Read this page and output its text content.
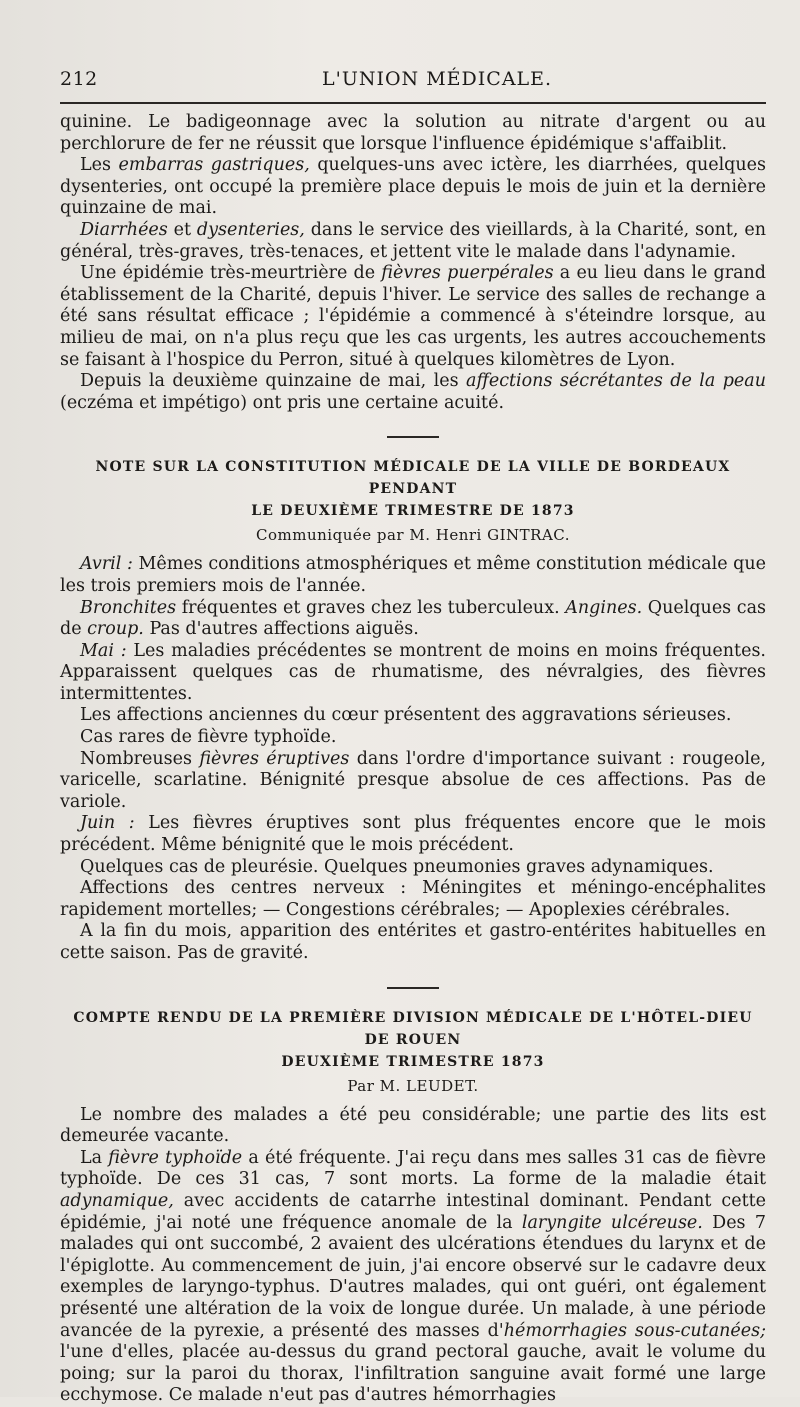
212	L'UNION MÉDICALE.

quinine. Le badigeonnage avec la solution au nitrate d'argent ou au perchlorure de fer ne réussit que lorsque l'influence épidémique s'affaiblit.

Les embarras gastriques, quelques-uns avec ictère, les diarrhées, quelques dysenteries, ont occupé la première place depuis le mois de juin et la dernière quinzaine de mai.

Diarrhées et dysenteries, dans le service des vieillards, à la Charité, sont, en général, très-graves, très-tenaces, et jettent vite le malade dans l'adynamie.

Une épidémie très-meurtrière de fièvres puerpérales a eu lieu dans le grand établissement de la Charité, depuis l'hiver. Le service des salles de rechange a été sans résultat efficace ; l'épidémie a commencé à s'éteindre lorsque, au milieu de mai, on n'a plus reçu que les cas urgents, les autres accouchements se faisant à l'hospice du Perron, situé à quelques kilomètres de Lyon.

Depuis la deuxième quinzaine de mai, les affections sécrétantes de la peau (eczéma et impétigo) ont pris une certaine acuité.

NOTE SUR LA CONSTITUTION MÉDICALE DE LA VILLE DE BORDEAUX PENDANT
LE DEUXIÈME TRIMESTRE DE 1873

Communiquée par M. Henri GINTRAC.

Avril : Mêmes conditions atmosphériques et même constitution médicale que les trois premiers mois de l'année.

Bronchites fréquentes et graves chez les tuberculeux. Angines. Quelques cas de croup. Pas d'autres affections aiguës.

Mai : Les maladies précédentes se montrent de moins en moins fréquentes. Apparaissent quelques cas de rhumatisme, des névralgies, des fièvres intermittentes.

Les affections anciennes du cœur présentent des aggravations sérieuses.

Cas rares de fièvre typhoïde.

Nombreuses fièvres éruptives dans l'ordre d'importance suivant : rougeole, varicelle, scarlatine. Bénignité presque absolue de ces affections. Pas de variole.

Juin : Les fièvres éruptives sont plus fréquentes encore que le mois précédent. Même bénignité que le mois précédent.

Quelques cas de pleurésie. Quelques pneumonies graves adynamiques.

Affections des centres nerveux : Méningites et méningo-encéphalites rapidement mortelles; — Congestions cérébrales; — Apoplexies cérébrales.

A la fin du mois, apparition des entérites et gastro-entérites habituelles en cette saison. Pas de gravité.

COMPTE RENDU DE LA PREMIÈRE DIVISION MÉDICALE DE L'HÔTEL-DIEU DE ROUEN
DEUXIÈME TRIMESTRE 1873

Par M. LEUDET.

Le nombre des malades a été peu considérable; une partie des lits est demeurée vacante.

La fièvre typhoïde a été fréquente. J'ai reçu dans mes salles 31 cas de fièvre typhoïde. De ces 31 cas, 7 sont morts. La forme de la maladie était adynamique, avec accidents de catarrhe intestinal dominant. Pendant cette épidémie, j'ai noté une fréquence anomale de la laryngite ulcéreuse. Des 7 malades qui ont succombé, 2 avaient des ulcérations étendues du larynx et de l'épiglotte. Au commencement de juin, j'ai encore observé sur le cadavre deux exemples de laryngo-typhus. D'autres malades, qui ont guéri, ont également présenté une altération de la voix de longue durée. Un malade, à une période avancée de la pyrexie, a présenté des masses d'hémorrhagies sous-cutanées; l'une d'elles, placée au-dessus du grand pectoral gauche, avait le volume du poing; sur la paroi du thorax, l'infiltration sanguine avait formé une large ecchymose. Ce malade n'eut pas d'autres hémorrhagies
